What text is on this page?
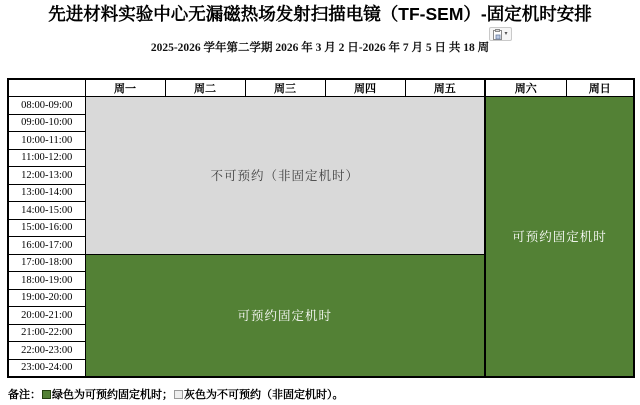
先进材料实验中心无漏磁热场发射扫描电镜（TF-SEM）-固定机时安排
2025-2026 学年第二学期 2026 年 3 月 2 日-2026 年 7 月 5 日 共 18 周
▾
	周一	周二	周三	周四	周五	周六	周日
08:00-09:00	不可预约（非固定机时）					可预约固定机时	
09:00-10:00							
10:00-11:00							
11:00-12:00							
12:00-13:00							
13:00-14:00							
14:00-15:00							
15:00-16:00							
16:00-17:00							
17:00-18:00	可预约固定机时						
18:00-19:00							
19:00-20:00							
20:00-21:00							
21:00-22:00							
22:00-23:00							
23:00-24:00							
备注： 绿色为可预约固定机时； 灰色为不可预约（非固定机时）。
